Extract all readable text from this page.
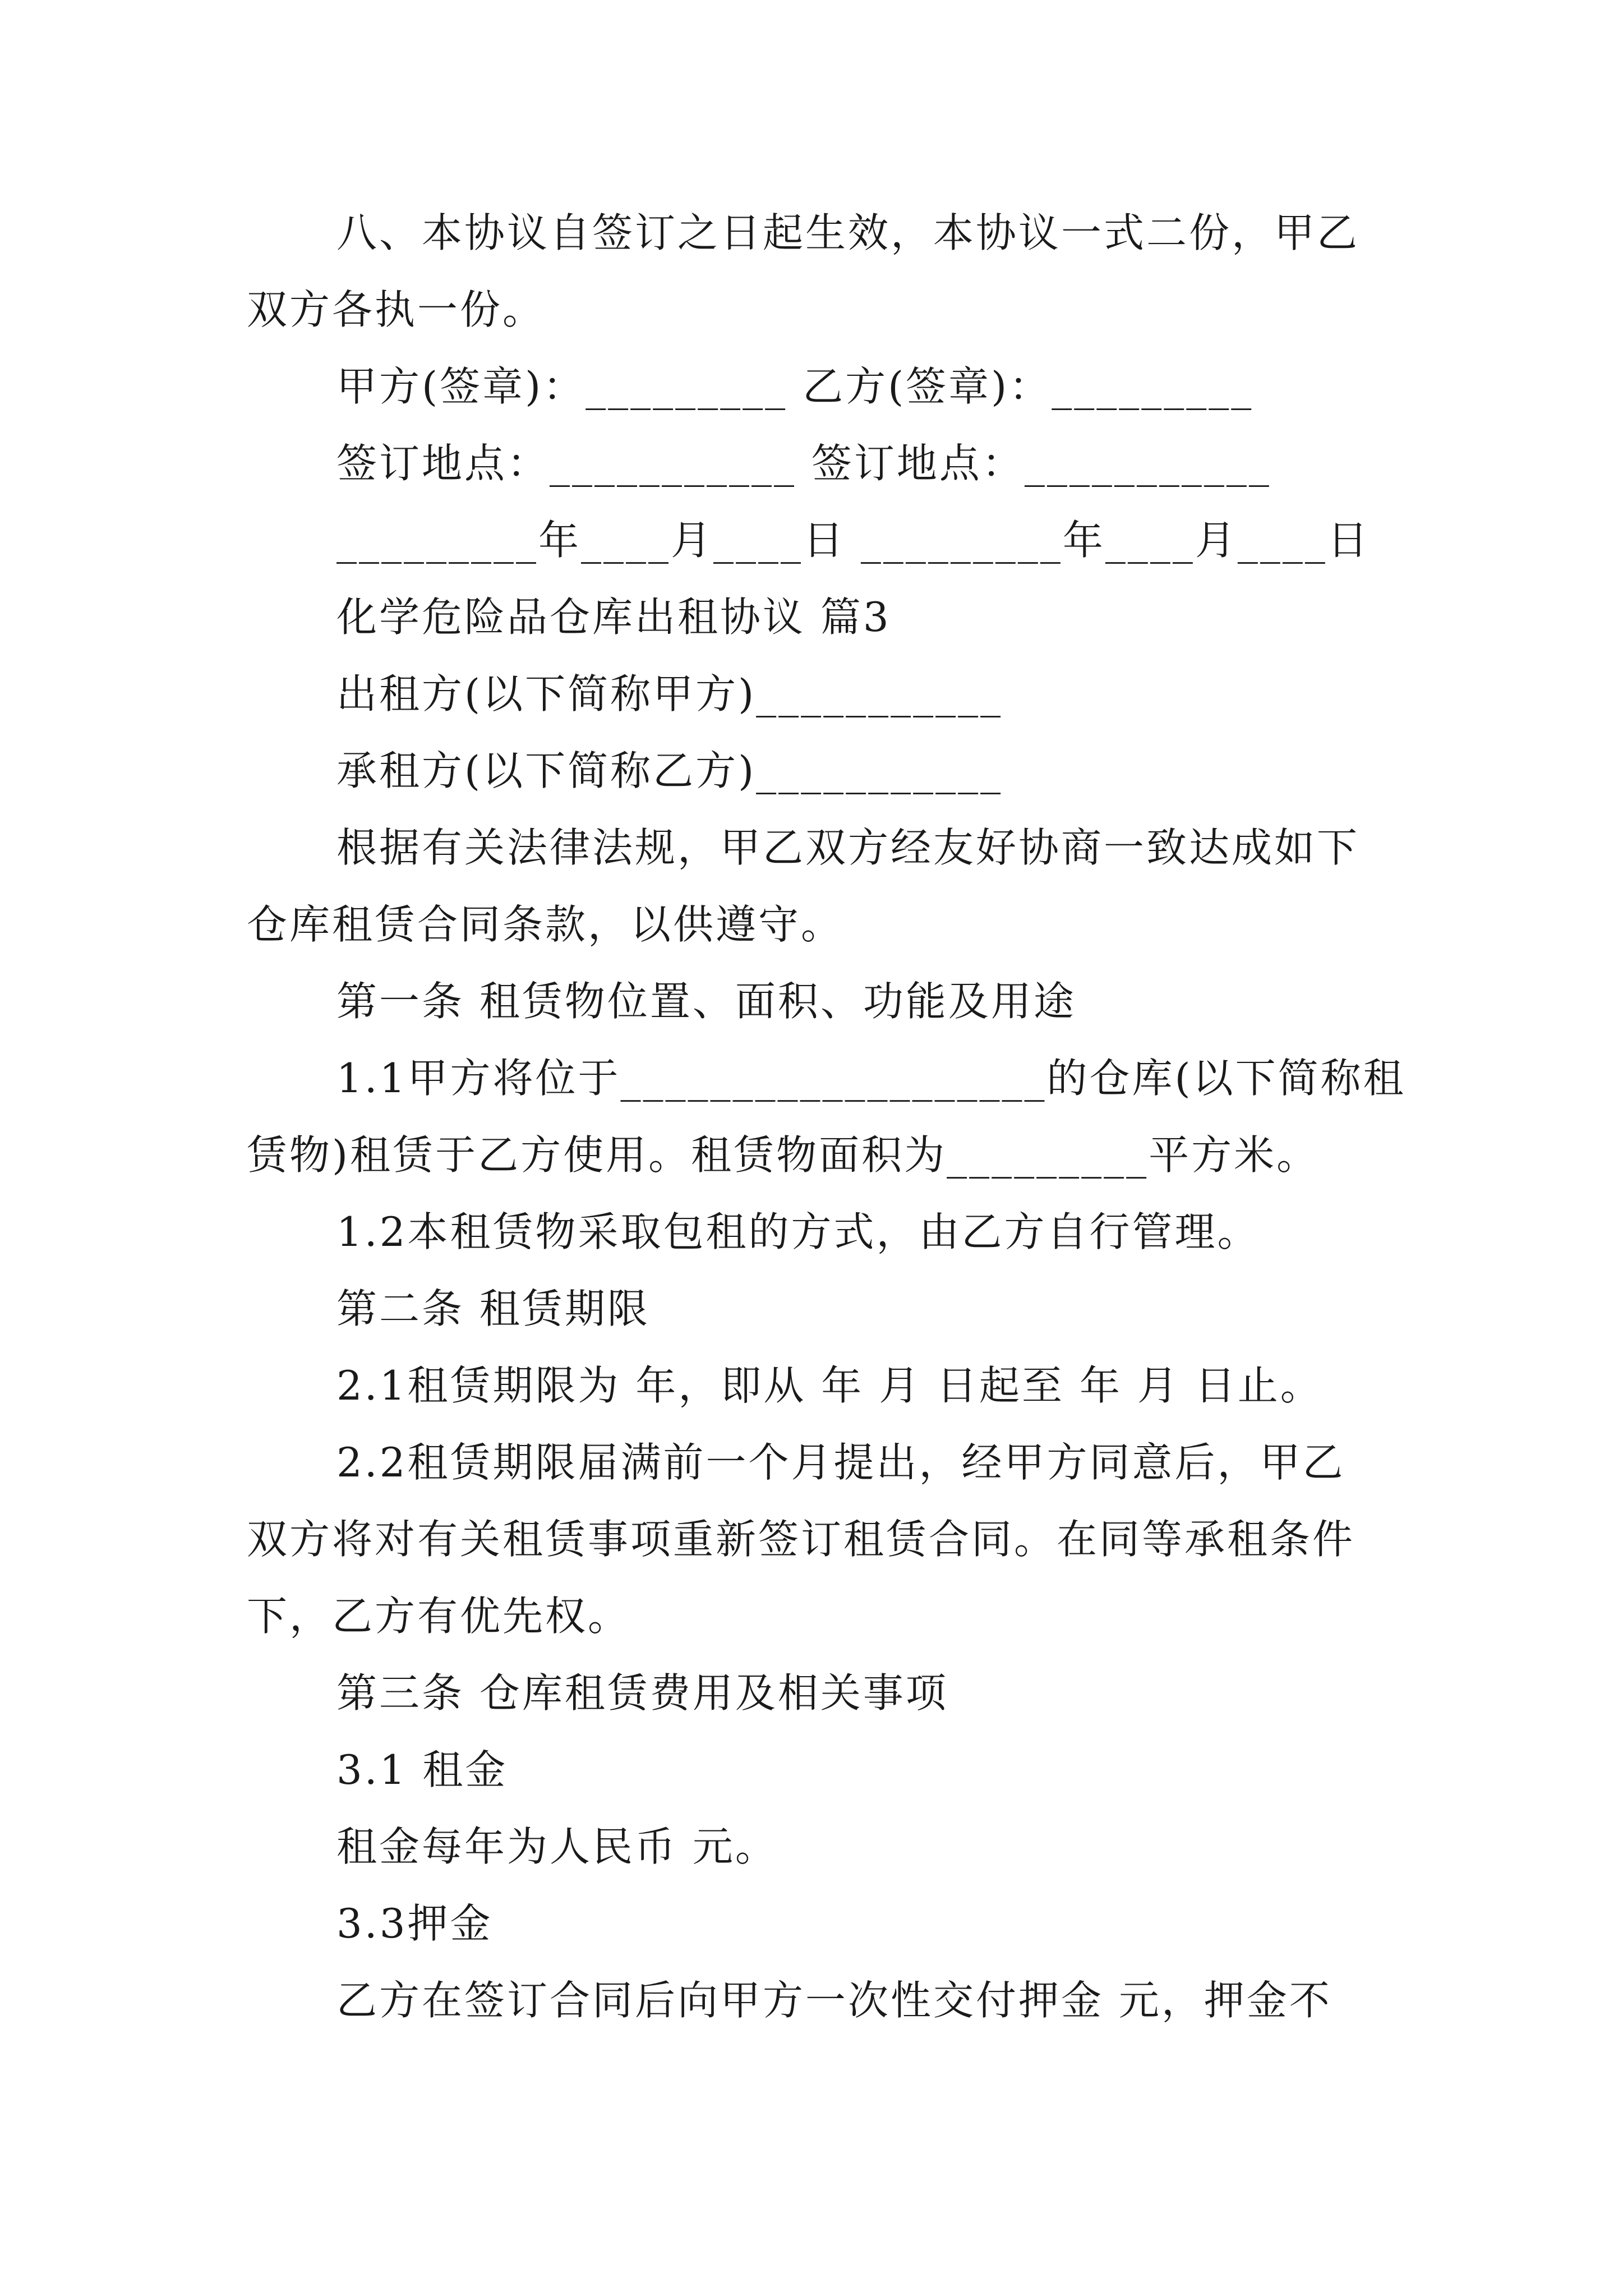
八、本协议自签订之日起生效，本协议一式二份，甲乙
双方各执一份。
甲方(签章)：_________ 乙方(签章)：_________
签订地点：___________ 签订地点：___________
_________年____月____日 _________年____月____日
化学危险品仓库出租协议 篇3
出租方(以下简称甲方)___________
承租方(以下简称乙方)___________
根据有关法律法规，甲乙双方经友好协商一致达成如下
仓库租赁合同条款，以供遵守。
第一条 租赁物位置、面积、功能及用途
1.1甲方将位于___________________的仓库(以下简称租
赁物)租赁于乙方使用。租赁物面积为_________平方米。
1.2本租赁物采取包租的方式，由乙方自行管理。
第二条 租赁期限
2.1租赁期限为 年，即从 年 月 日起至 年 月 日止。
2.2租赁期限届满前一个月提出，经甲方同意后，甲乙
双方将对有关租赁事项重新签订租赁合同。在同等承租条件
下，乙方有优先权。
第三条 仓库租赁费用及相关事项
3.1 租金
租金每年为人民币 元。
3.3押金
乙方在签订合同后向甲方一次性交付押金 元，押金不
